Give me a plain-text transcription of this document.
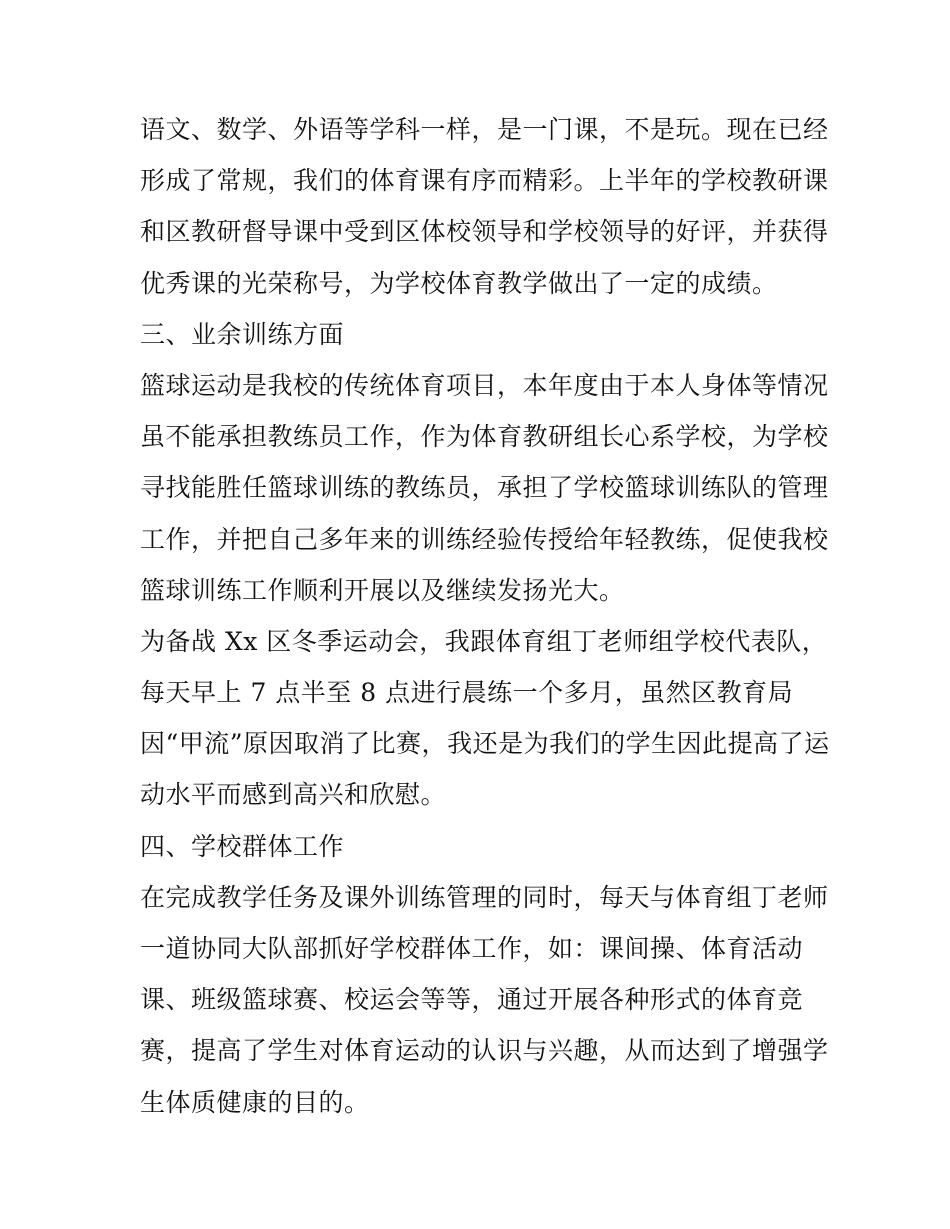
语文、数学、外语等学科一样，是一门课，不是玩。现在已经
形成了常规，我们的体育课有序而精彩。上半年的学校教研课
和区教研督导课中受到区体校领导和学校领导的好评，并获得
优秀课的光荣称号，为学校体育教学做出了一定的成绩。
三、业余训练方面
篮球运动是我校的传统体育项目，本年度由于本人身体等情况
虽不能承担教练员工作，作为体育教研组长心系学校，为学校
寻找能胜任篮球训练的教练员，承担了学校篮球训练队的管理
工作，并把自己多年来的训练经验传授给年轻教练，促使我校
篮球训练工作顺利开展以及继续发扬光大。
为备战 Xx 区冬季运动会，我跟体育组丁老师组学校代表队，
每天早上 7 点半至 8 点进行晨练一个多月，虽然区教育局
因“甲流”原因取消了比赛，我还是为我们的学生因此提高了运
动水平而感到高兴和欣慰。
四、学校群体工作
在完成教学任务及课外训练管理的同时，每天与体育组丁老师
一道协同大队部抓好学校群体工作，如：课间操、体育活动
课、班级篮球赛、校运会等等，通过开展各种形式的体育竞
赛，提高了学生对体育运动的认识与兴趣，从而达到了增强学
生体质健康的目的。
